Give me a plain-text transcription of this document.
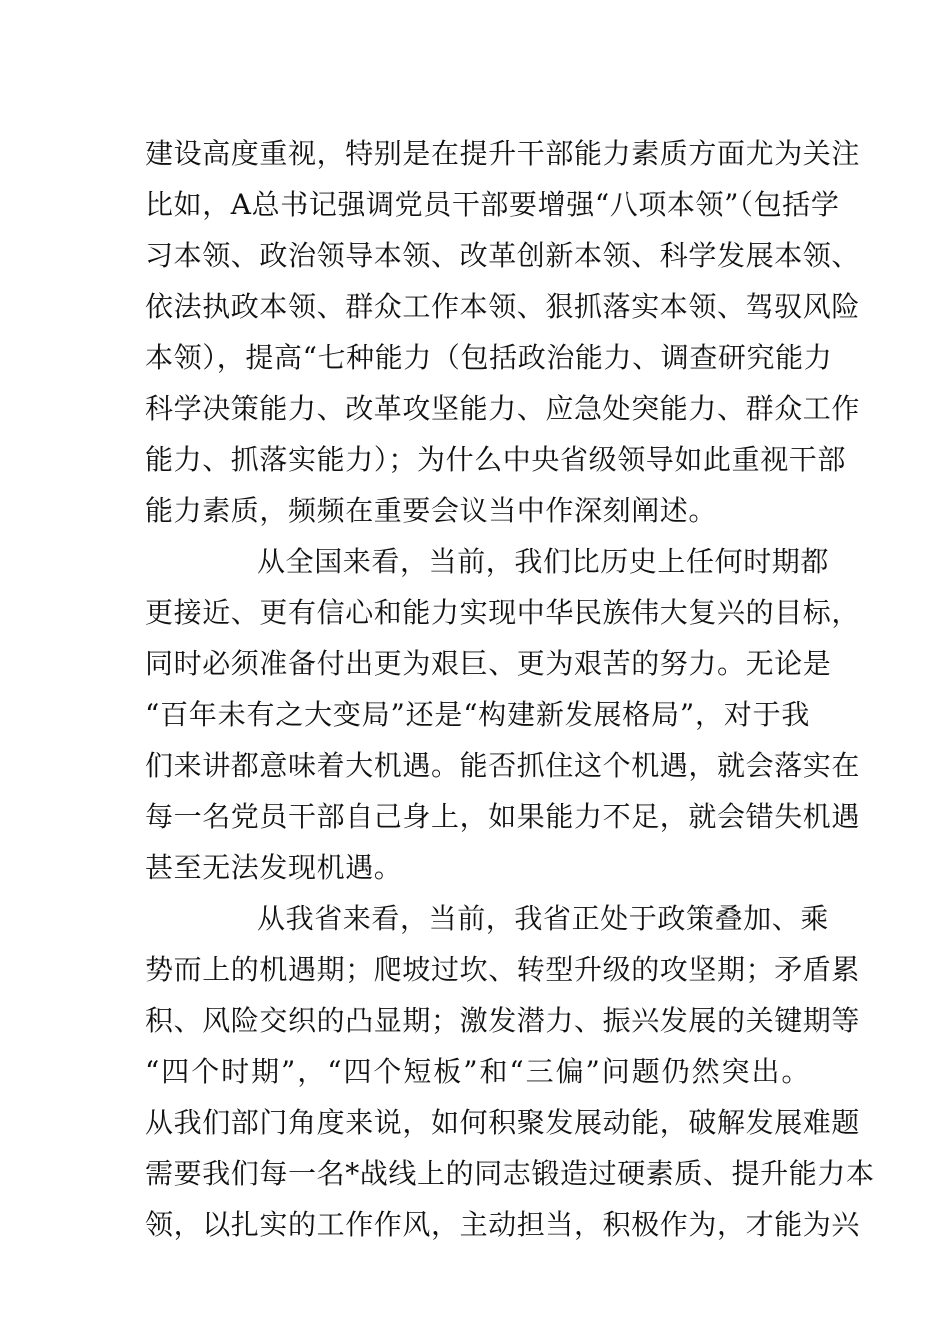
建设高度重视，特别是在提升干部能力素质方面尤为关注
比如，A总书记强调党员干部要增强“八项本领”（包括学
习本领、政治领导本领、改革创新本领、科学发展本领、
依法执政本领、群众工作本领、狠抓落实本领、驾驭风险
本领），提高“七种能力（包括政治能力、调查研究能力
科学决策能力、改革攻坚能力、应急处突能力、群众工作
能力、抓落实能力）；为什么中央省级领导如此重视干部
能力素质，频频在重要会议当中作深刻阐述。
从全国来看，当前，我们比历史上任何时期都
更接近、更有信心和能力实现中华民族伟大复兴的目标，
同时必须准备付出更为艰巨、更为艰苦的努力。无论是
“百年未有之大变局”还是“构建新发展格局”，对于我
们来讲都意味着大机遇。能否抓住这个机遇，就会落实在
每一名党员干部自己身上，如果能力不足，就会错失机遇
甚至无法发现机遇。
从我省来看，当前，我省正处于政策叠加、乘
势而上的机遇期；爬坡过坎、转型升级的攻坚期；矛盾累
积、风险交织的凸显期；激发潜力、振兴发展的关键期等
“四个时期”，“四个短板”和“三偏”问题仍然突出。
从我们部门角度来说，如何积聚发展动能，破解发展难题
需要我们每一名*战线上的同志锻造过硬素质、提升能力本
领，以扎实的工作作风，主动担当，积极作为，才能为兴
